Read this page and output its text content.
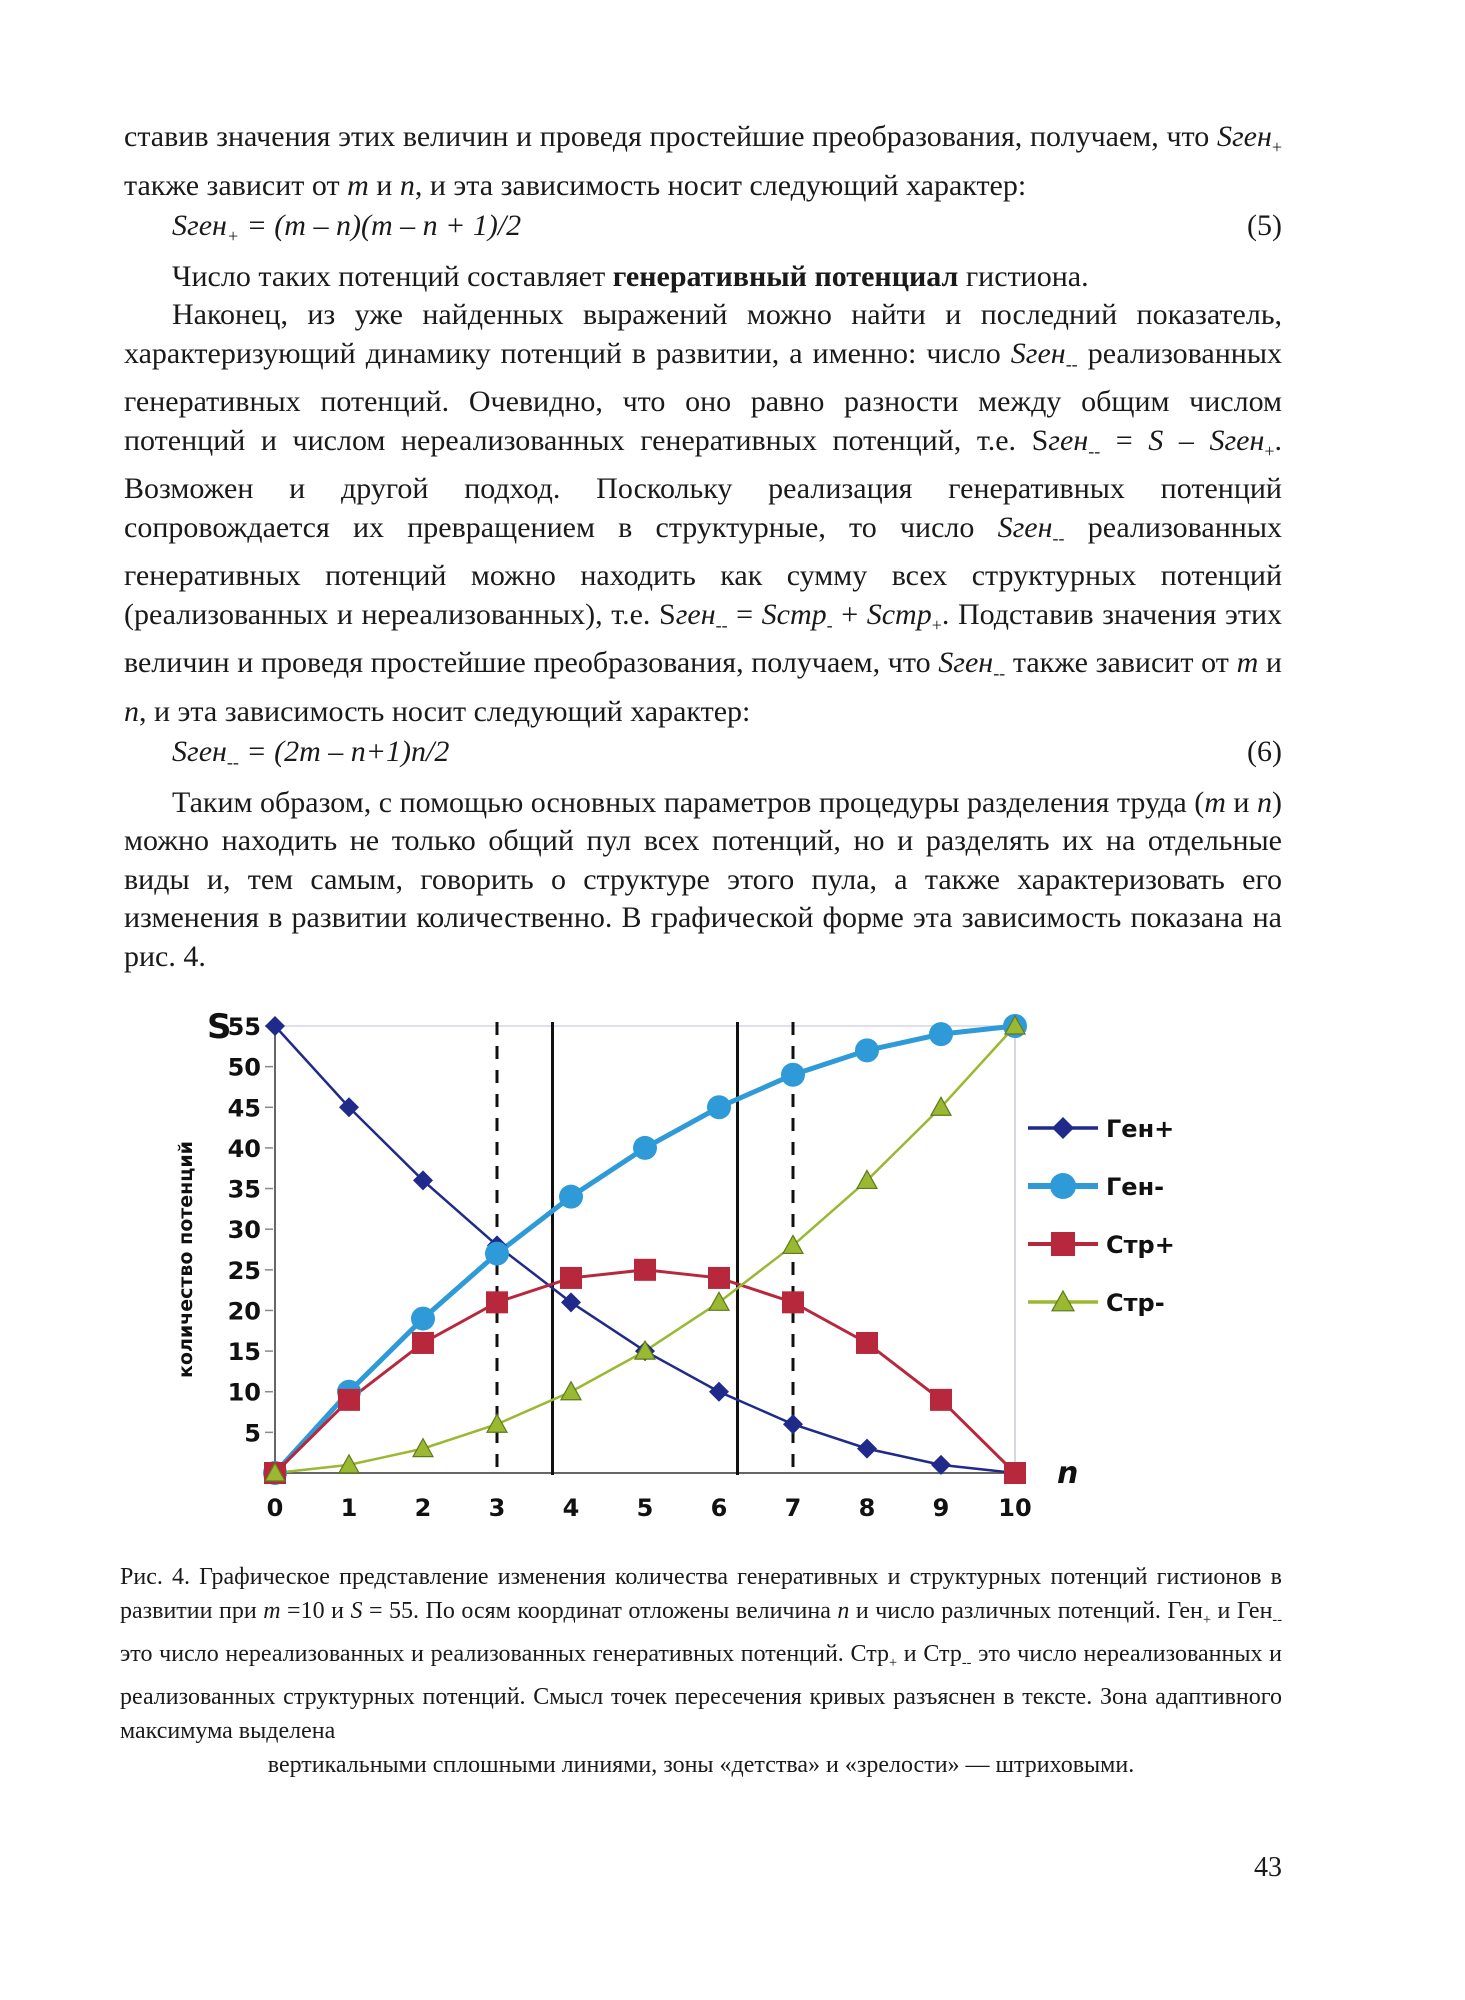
ставив значения этих величин и проведя простейшие преобразования, получаем, что Sген$_+$ также зависит от m и n, и эта зависимость носит следующий характер:

Sген$_+$ = (m – n)(m – n + 1)/2	(5)

Число таких потенций составляет генеративный потенциал гистиона.

Наконец, из уже найденных выражений можно найти и последний показатель, характеризующий динамику потенций в развитии, а именно: число Sген$_{--}$ реализованных генеративных потенций. Очевидно, что оно равно разности между общим числом потенций и числом нереализованных генеративных потенций, т.е. Sген$_{--}$ = S – Sген$_+$. Возможен и другой подход. Поскольку реализация генеративных потенций сопровождается их превращением в структурные, то число Sген$_{--}$ реализованных генеративных потенций можно находить как сумму всех структурных потенций (реализованных и нереализованных), т.е. Sген$_{--}$ = Sстр$_-$ + Sстр$_+$. Подставив значения этих величин и проведя простейшие преобразования, получаем, что Sген$_{--}$ также зависит от m и n, и эта зависимость носит следующий характер:

Sген$_{--}$ = (2m – n+1)n/2	(6)

Таким образом, с помощью основных параметров процедуры разделения труда (m и n) можно находить не только общий пул всех потенций, но и разделять их на отдельные виды и, тем самым, говорить о структуре этого пула, а также характеризовать его изменения в развитии количественно. В графической форме эта зависимость показана на рис. 4.

5
10
15
20
25
30
35
40
45
50
55
0 1 2 3 4 5 6 7 8 9 10
S
количество потенций
n
Ген+
Ген-
Стр+
Стр-
Рис. 4. Графическое представление изменения количества генеративных и структурных потенций гистионов в развитии при m =10 и S = 55. По осям координат отложены величина n и число различных потенций. Ген$_+$ и Ген$_{--}$ это число нереализованных и реализованных генеративных потенций. Стр$_+$ и Стр$_{--}$ это число нереализованных и реализованных структурных потенций. Смысл точек пересечения кривых разъяснен в тексте. Зона адаптивного максимума выделена
вертикальными сплошными линиями, зоны «детства» и «зрелости» — штриховыми.
43
